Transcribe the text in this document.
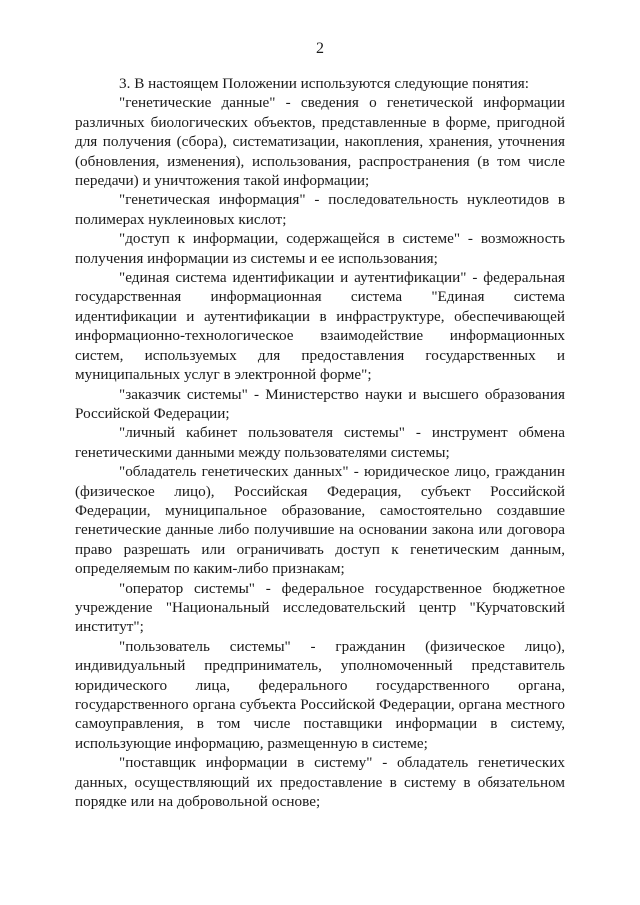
2

3. В настоящем Положении используются следующие понятия:

"генетические данные" - сведения о генетической информации различных биологических объектов, представленные в форме, пригодной для получения (сбора), систематизации, накопления, хранения, уточнения (обновления, изменения), использования, распространения (в том числе передачи) и уничтожения такой информации;

"генетическая информация" - последовательность нуклеотидов в полимерах нуклеиновых кислот;

"доступ к информации, содержащейся в системе" - возможность получения информации из системы и ее использования;

"единая система идентификации и аутентификации" - федеральная государственная информационная система "Единая система идентификации и аутентификации в инфраструктуре, обеспечивающей информационно-технологическое взаимодействие информационных систем, используемых для предоставления государственных и муниципальных услуг в электронной форме";

"заказчик системы" - Министерство науки и высшего образования Российской Федерации;

"личный кабинет пользователя системы" - инструмент обмена генетическими данными между пользователями системы;

"обладатель генетических данных" - юридическое лицо, гражданин (физическое лицо), Российская Федерация, субъект Российской Федерации, муниципальное образование, самостоятельно создавшие генетические данные либо получившие на основании закона или договора право разрешать или ограничивать доступ к генетическим данным, определяемым по каким-либо признакам;

"оператор системы" - федеральное государственное бюджетное учреждение "Национальный исследовательский центр "Курчатовский институт";

"пользователь системы" - гражданин (физическое лицо), индивидуальный предприниматель, уполномоченный представитель юридического лица, федерального государственного органа, государственного органа субъекта Российской Федерации, органа местного самоуправления, в том числе поставщики информации в систему, использующие информацию, размещенную в системе;

"поставщик информации в систему" - обладатель генетических данных, осуществляющий их предоставление в систему в обязательном порядке или на добровольной основе;
